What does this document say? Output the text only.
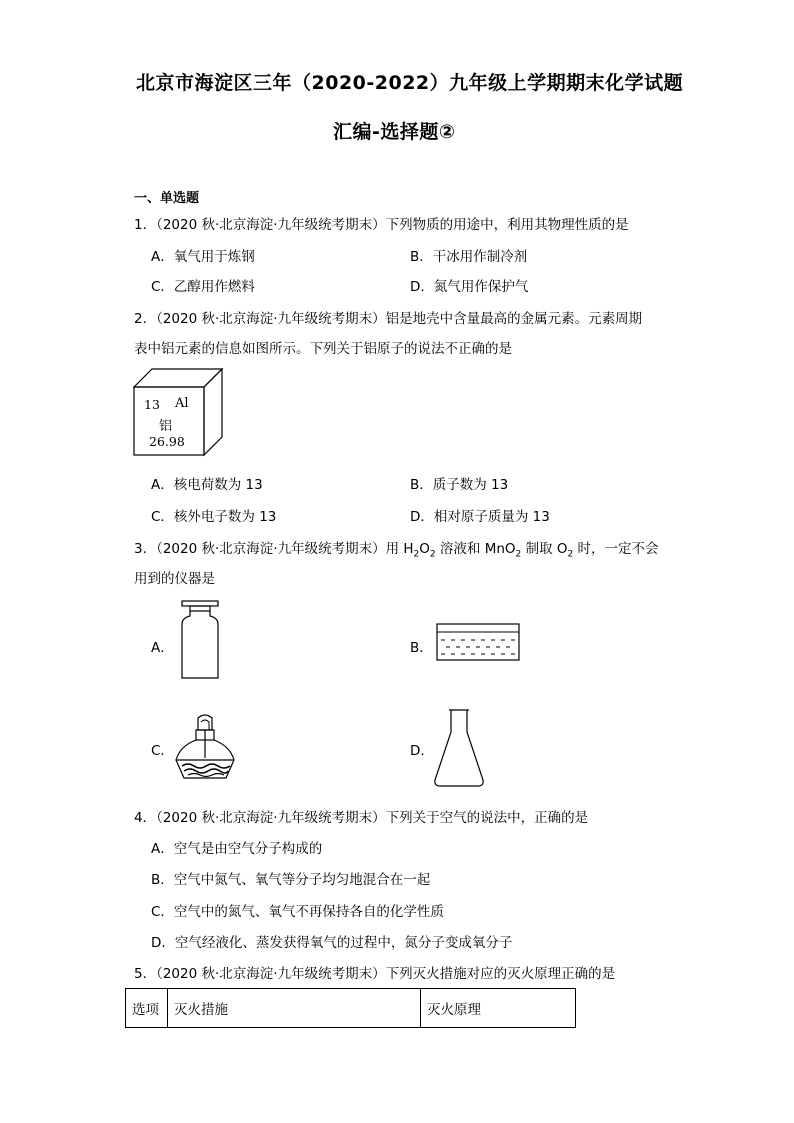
北京市海淀区三年（2020-2022）九年级上学期期末化学试题
汇编-选择题②
一、单选题
1．（2020 秋·北京海淀·九年级统考期末）下列物质的用途中，利用其物理性质的是
A．氧气用于炼钢	B．干冰用作制冷剂
C．乙醇用作燃料	D．氮气用作保护气
2．（2020 秋·北京海淀·九年级统考期末）铝是地壳中含量最高的金属元素。元素周期
表中铝元素的信息如图所示。下列关于铝原子的说法不正确的是
13 Al
铝
26.98
A．核电荷数为 13	B．质子数为 13
C．核外电子数为 13	D．相对原子质量为 13
3．（2020 秋·北京海淀·九年级统考期末）用 $H_2O_2$ 溶液和 MnO$_2$ 制取 $O_2$ 时，一定不会
用到的仪器是
A．	B．
C．	D．
4．（2020 秋·北京海淀·九年级统考期末）下列关于空气的说法中，正确的是
A．空气是由空气分子构成的
B．空气中氮气、氧气等分子均匀地混合在一起
C．空气中的氮气、氧气不再保持各自的化学性质
D．空气经液化、蒸发获得氧气的过程中，氮分子变成氧分子
5．（2020 秋·北京海淀·九年级统考期末）下列灭火措施对应的灭火原理正确的是
选项	灭火措施	灭火原理
